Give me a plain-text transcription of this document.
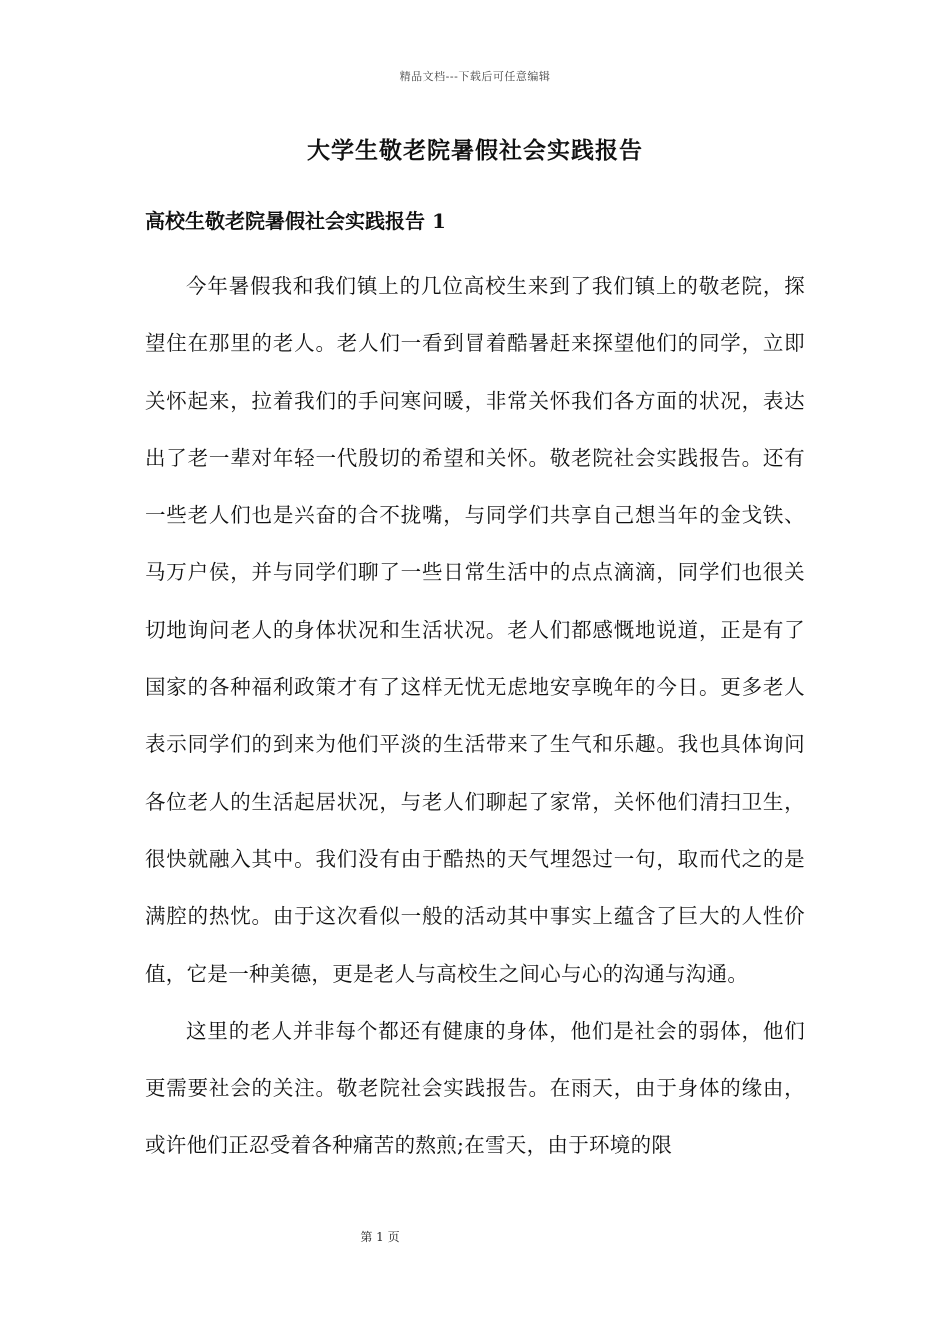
精品文档---下载后可任意编辑
大学生敬老院暑假社会实践报告
高校生敬老院暑假社会实践报告 1

今年暑假我和我们镇上的几位高校生来到了我们镇上的敬老院，探望住在那里的老人。老人们一看到冒着酷暑赶来探望他们的同学，立即关怀起来，拉着我们的手问寒问暖，非常关怀我们各方面的状况，表达出了老一辈对年轻一代殷切的希望和关怀。敬老院社会实践报告。还有一些老人们也是兴奋的合不拢嘴，与同学们共享自己想当年的金戈铁、马万户侯，并与同学们聊了一些日常生活中的点点滴滴，同学们也很关切地询问老人的身体状况和生活状况。老人们都感慨地说道，正是有了国家的各种福利政策才有了这样无忧无虑地安享晚年的今日。更多老人表示同学们的到来为他们平淡的生活带来了生气和乐趣。我也具体询问各位老人的生活起居状况，与老人们聊起了家常，关怀他们清扫卫生，很快就融入其中。我们没有由于酷热的天气埋怨过一句，取而代之的是满腔的热忱。由于这次看似一般的活动其中事实上蕴含了巨大的人性价值，它是一种美德，更是老人与高校生之间心与心的沟通与沟通。

这里的老人并非每个都还有健康的身体，他们是社会的弱体，他们更需要社会的关注。敬老院社会实践报告。在雨天，由于身体的缘由，或许他们正忍受着各种痛苦的熬煎;在雪天，由于环境的限

第 1 页
